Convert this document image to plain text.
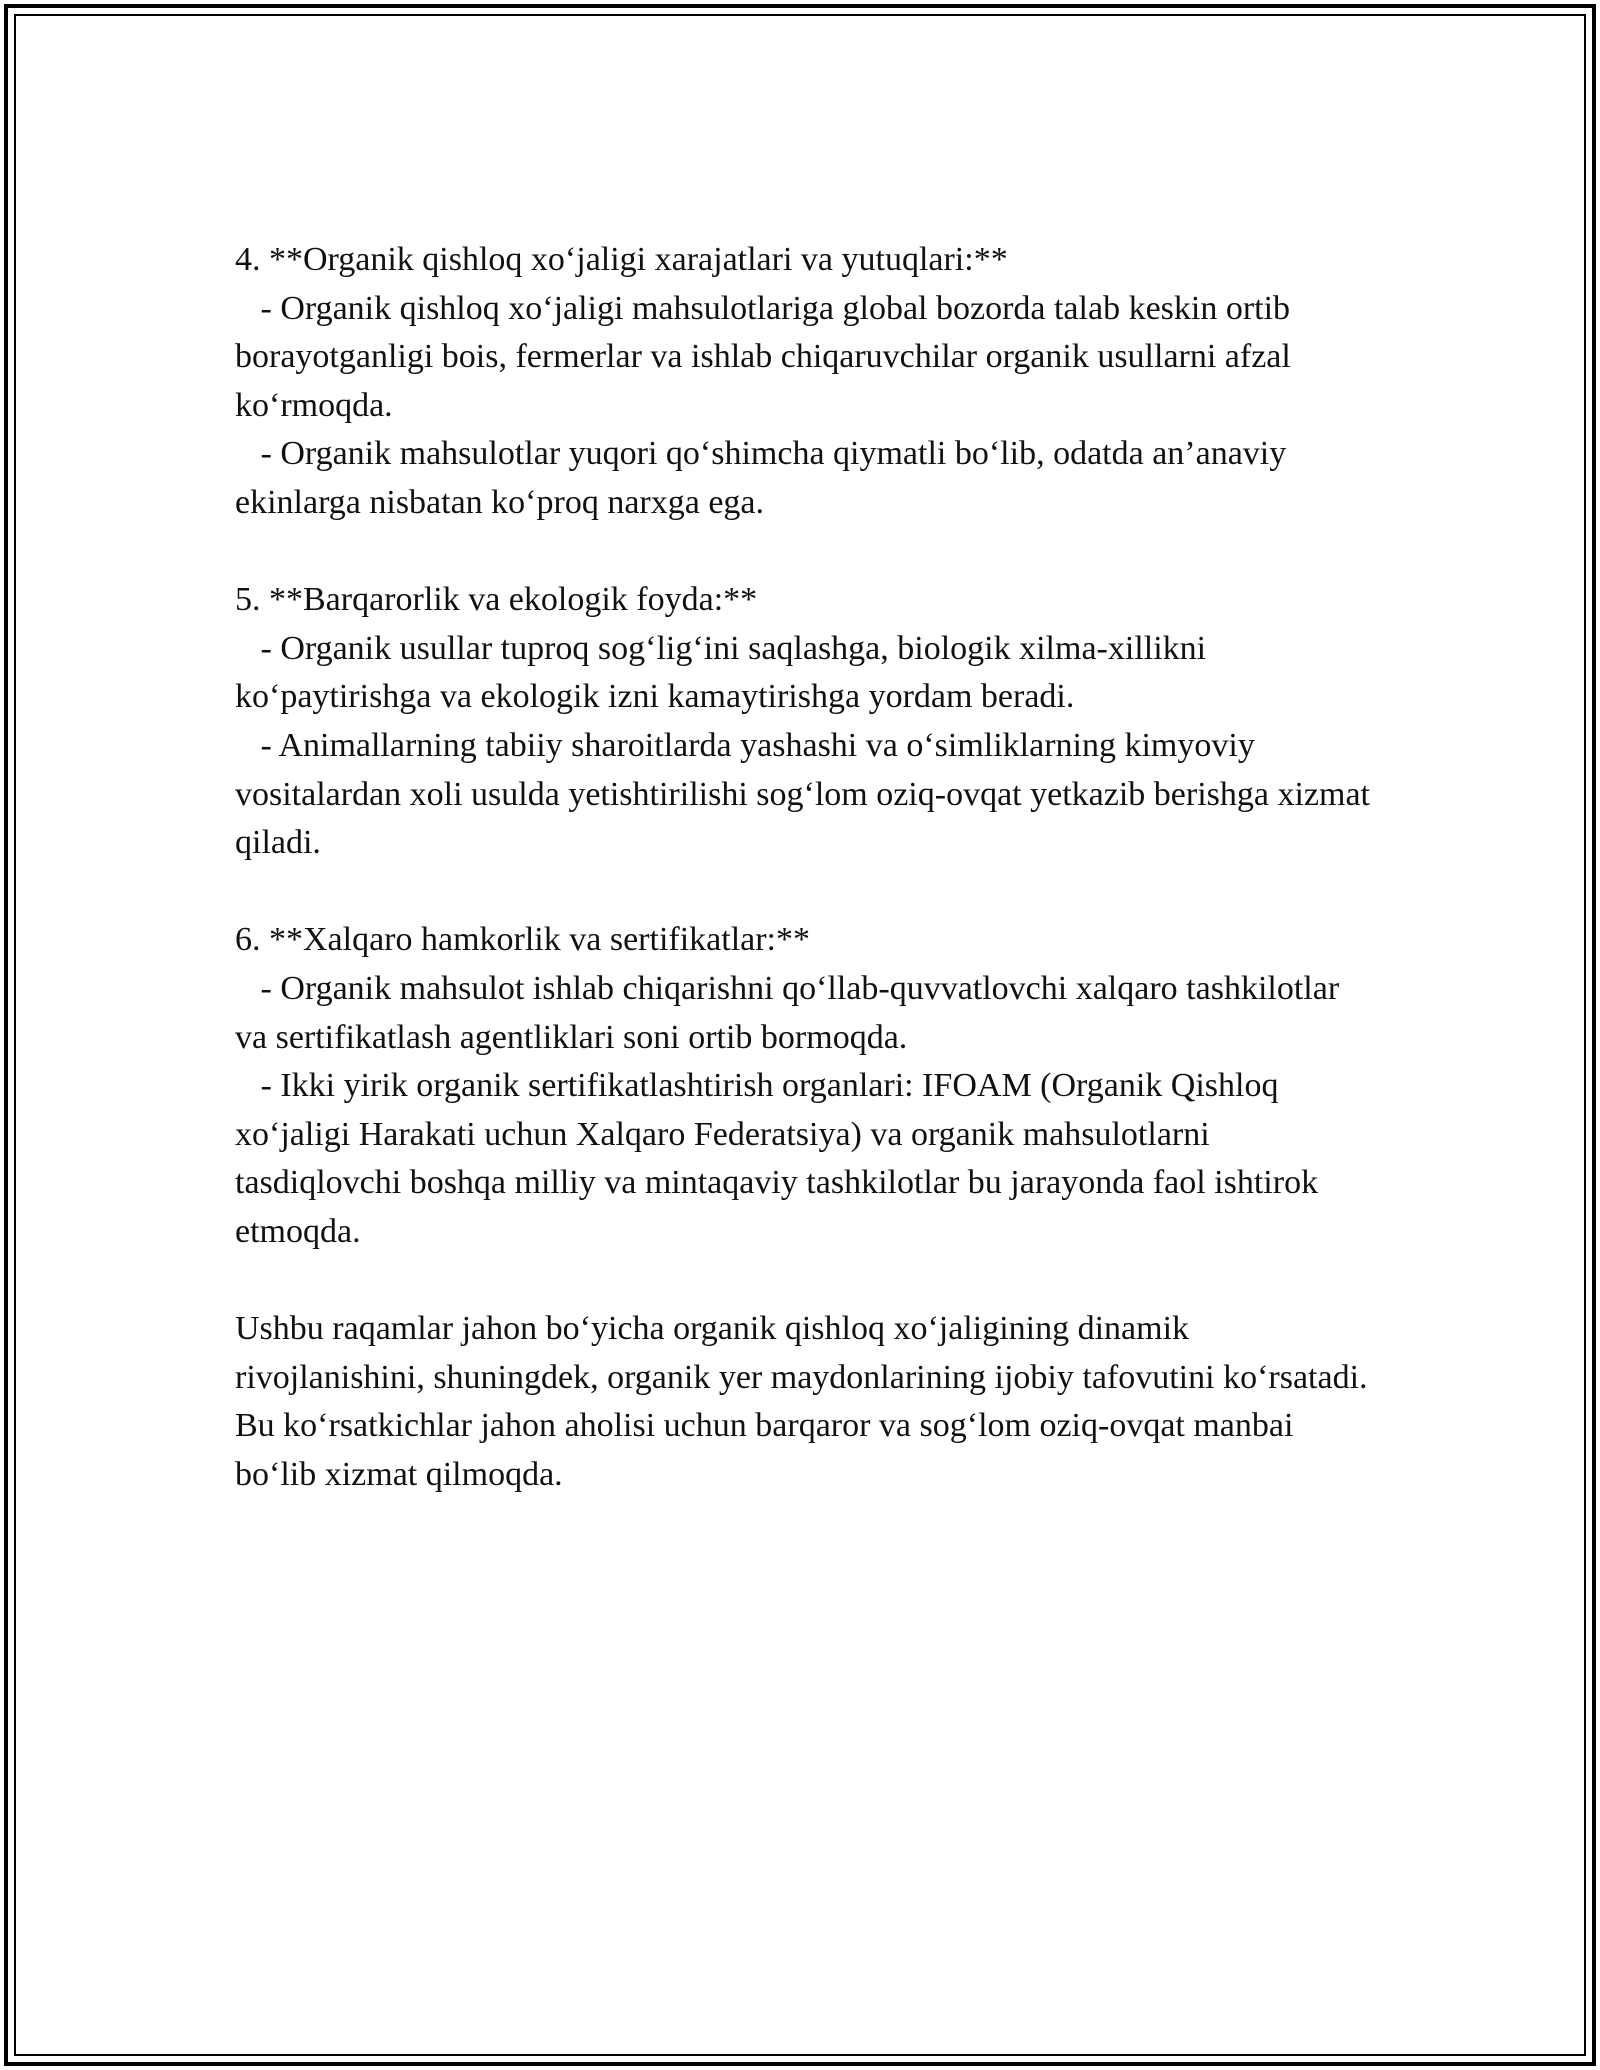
4. **Organik qishloq xo‘jaligi xarajatlari va yutuqlari:**

- Organik qishloq xo‘jaligi mahsulotlariga global bozorda talab keskin ortib borayotganligi bois, fermerlar va ishlab chiqaruvchilar organik usullarni afzal ko‘rmoqda.

- Organik mahsulotlar yuqori qo‘shimcha qiymatli bo‘lib, odatda an’anaviy ekinlarga nisbatan ko‘proq narxga ega.

5. **Barqarorlik va ekologik foyda:**

- Organik usullar tuproq sog‘lig‘ini saqlashga, biologik xilma-xillikni ko‘paytirishga va ekologik izni kamaytirishga yordam beradi.

- Animallarning tabiiy sharoitlarda yashashi va o‘simliklarning kimyoviy vositalardan xoli usulda yetishtirilishi sog‘lom oziq-ovqat yetkazib berishga xizmat qiladi.

6. **Xalqaro hamkorlik va sertifikatlar:**

- Organik mahsulot ishlab chiqarishni qo‘llab-quvvatlovchi xalqaro tashkilotlar va sertifikatlash agentliklari soni ortib bormoqda.

- Ikki yirik organik sertifikatlashtirish organlari: IFOAM (Organik Qishloq xo‘jaligi Harakati uchun Xalqaro Federatsiya) va organik mahsulotlarni tasdiqlovchi boshqa milliy va mintaqaviy tashkilotlar bu jarayonda faol ishtirok etmoqda.

Ushbu raqamlar jahon bo‘yicha organik qishloq xo‘jaligining dinamik rivojlanishini, shuningdek, organik yer maydonlarining ijobiy tafovutini ko‘rsatadi. Bu ko‘rsatkichlar jahon aholisi uchun barqaror va sog‘lom oziq-ovqat manbai bo‘lib xizmat qilmoqda.
